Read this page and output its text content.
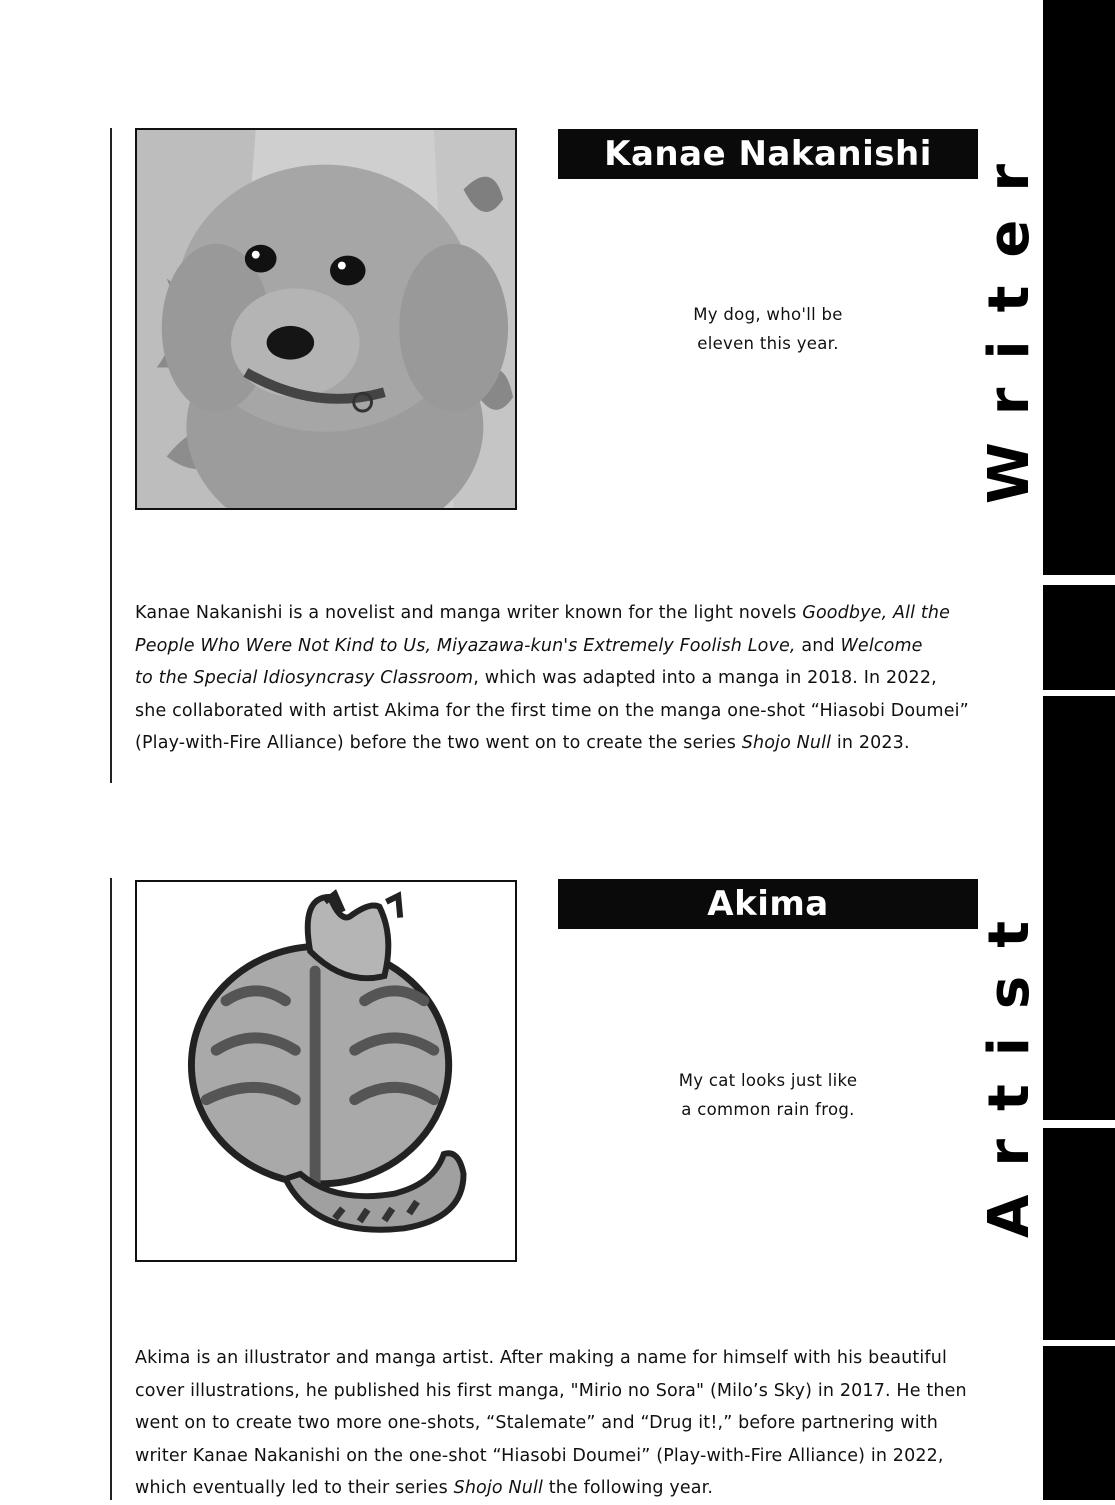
Kanae Nakanishi
My dog, who'll be
eleven this year.
Kanae Nakanishi is a novelist and manga writer known for the light novels Goodbye, All the
People Who Were Not Kind to Us, Miyazawa-kun's Extremely Foolish Love, and Welcome
to the Special Idiosyncrasy Classroom, which was adapted into a manga in 2018. In 2022,
she collaborated with artist Akima for the first time on the manga one-shot “Hiasobi Doumei”
(Play-with-Fire Alliance) before the two went on to create the series Shojo Null in 2023.
Akima
My cat looks just like
a common rain frog.
Akima is an illustrator and manga artist. After making a name for himself with his beautiful
cover illustrations, he published his first manga, "Mirio no Sora" (Milo’s Sky) in 2017. He then
went on to create two more one-shots, “Stalemate” and “Drug it!,” before partnering with
writer Kanae Nakanishi on the one-shot “Hiasobi Doumei” (Play-with-Fire Alliance) in 2022,
which eventually led to their series Shojo Null the following year.
Writer
Artist
